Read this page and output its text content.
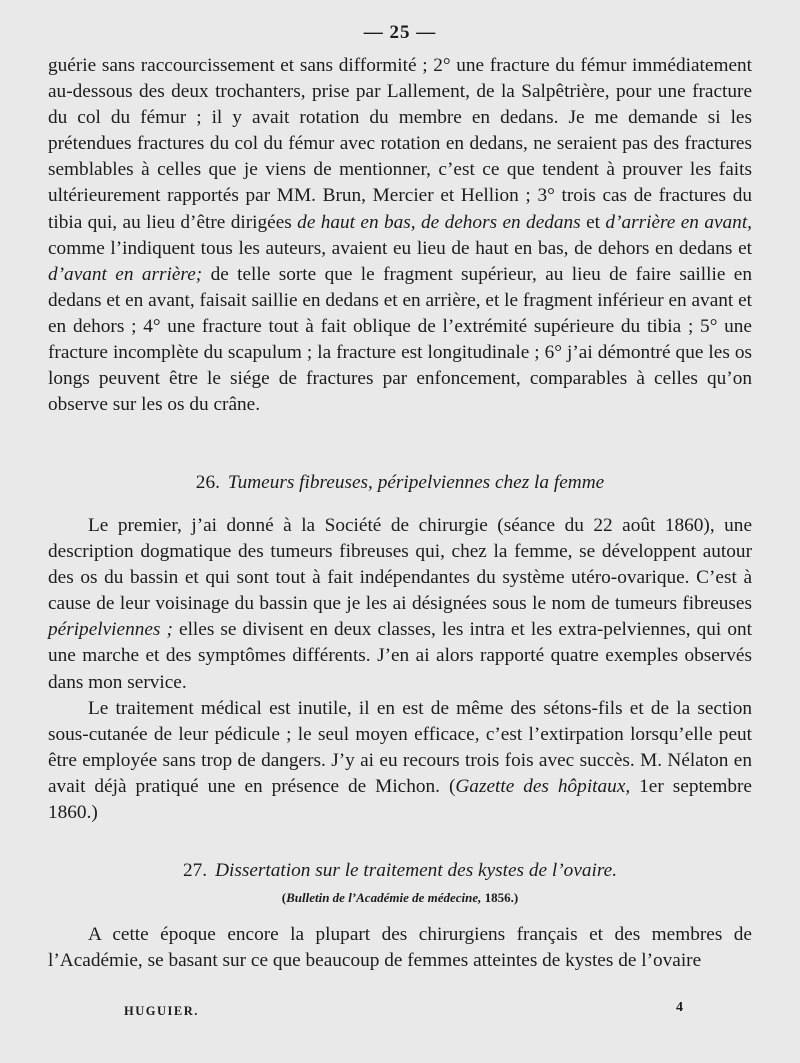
— 25 —

guérie sans raccourcissement et sans difformité ; 2° une fracture du fémur immédiatement au-dessous des deux trochanters, prise par Lallement, de la Salpêtrière, pour une fracture du col du fémur ; il y avait rotation du membre en dedans. Je me demande si les prétendues fractures du col du fémur avec rotation en dedans, ne seraient pas des fractures semblables à celles que je viens de mentionner, c’est ce que tendent à prouver les faits ultérieurement rapportés par MM. Brun, Mercier et Hellion ; 3° trois cas de fractures du tibia qui, au lieu d’être dirigées de haut en bas, de dehors en dedans et d’arrière en avant, comme l’indiquent tous les auteurs, avaient eu lieu de haut en bas, de dehors en dedans et d’avant en arrière; de telle sorte que le fragment supérieur, au lieu de faire saillie en dedans et en avant, faisait saillie en dedans et en arrière, et le fragment inférieur en avant et en dehors ; 4° une fracture tout à fait oblique de l’extrémité supérieure du tibia ; 5° une fracture incomplète du scapulum ; la fracture est longitudinale ; 6° j’ai démontré que les os longs peuvent être le siége de fractures par enfoncement, comparables à celles qu’on observe sur les os du crâne.

26. Tumeurs fibreuses, péripelviennes chez la femme

Le premier, j’ai donné à la Société de chirurgie (séance du 22 août 1860), une description dogmatique des tumeurs fibreuses qui, chez la femme, se développent autour des os du bassin et qui sont tout à fait indépendantes du système utéro-ovarique. C’est à cause de leur voisinage du bassin que je les ai désignées sous le nom de tumeurs fibreuses péripelviennes ; elles se divisent en deux classes, les intra et les extra-pelviennes, qui ont une marche et des symptômes différents. J’en ai alors rapporté quatre exemples observés dans mon service.

Le traitement médical est inutile, il en est de même des sétons-fils et de la section sous-cutanée de leur pédicule ; le seul moyen efficace, c’est l’extirpation lorsqu’elle peut être employée sans trop de dangers. J’y ai eu recours trois fois avec succès. M. Nélaton en avait déjà pratiqué une en présence de Michon. (Gazette des hôpitaux, 1er septembre 1860.)

27. Dissertation sur le traitement des kystes de l’ovaire.
(Bulletin de l’Académie de médecine, 1856.)

A cette époque encore la plupart des chirurgiens français et des membres de l’Académie, se basant sur ce que beaucoup de femmes atteintes de kystes de l’ovaire

HUGUIER.	4
